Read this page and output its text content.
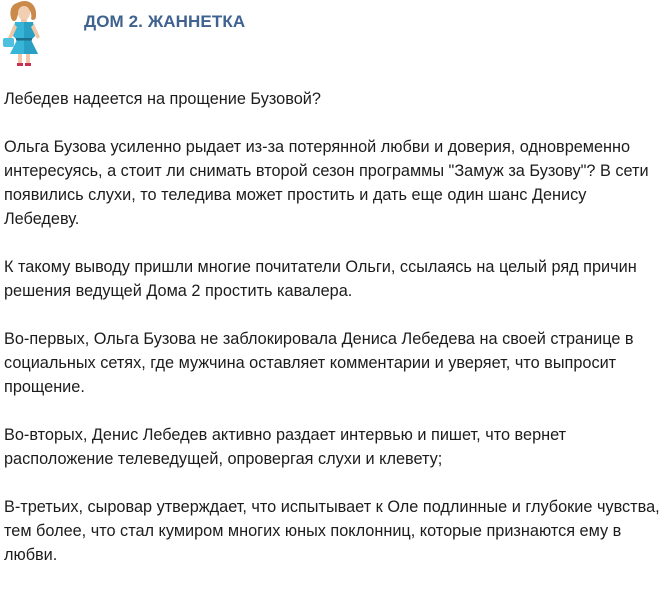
ДОМ 2. ЖАННЕТКА

Лебедев надеется на прощение Бузовой?

Ольга Бузова усиленно рыдает из-за потерянной любви и доверия, одновременно интересуясь, а стоит ли снимать второй сезон программы "Замуж за Бузову"? В сети появились слухи, то теледива может простить и дать еще один шанс Денису Лебедеву.

К такому выводу пришли многие почитатели Ольги, ссылаясь на целый ряд причин решения ведущей Дома 2 простить кавалера.

Во-первых, Ольга Бузова не заблокировала Дениса Лебедева на своей странице в социальных сетях, где мужчина оставляет комментарии и уверяет, что выпросит прощение.

Во-вторых, Денис Лебедев активно раздает интервью и пишет, что вернет расположение телеведущей, опровергая слухи и клевету;

В-третьих, сыровар утверждает, что испытывает к Оле подлинные и глубокие чувства, тем более, что стал кумиром многих юных поклонниц, которые признаются ему в любви.
